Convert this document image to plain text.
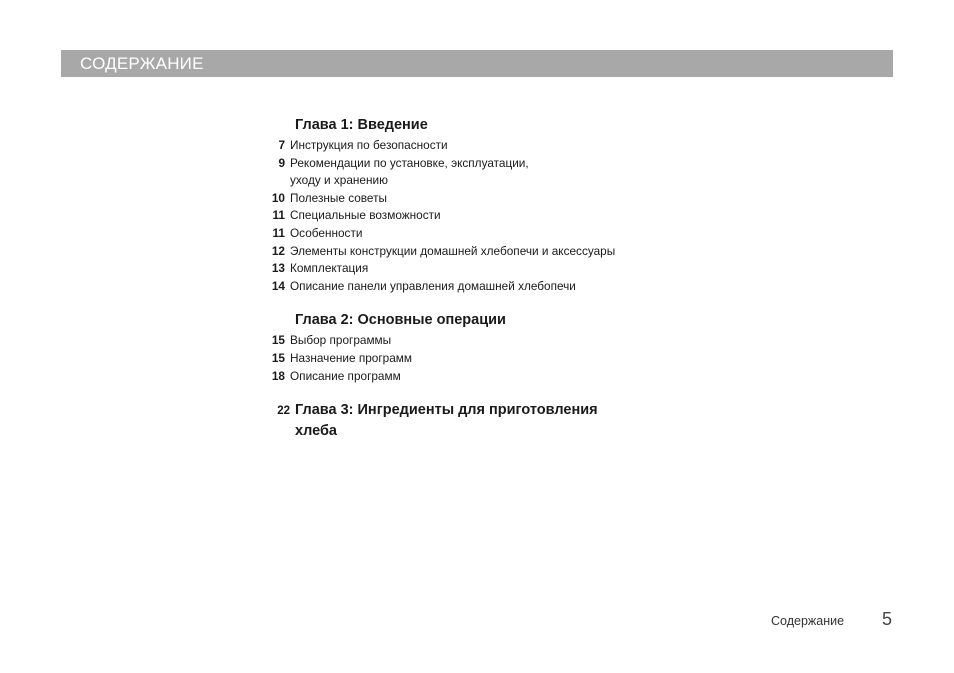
СОДЕРЖАНИЕ
Глава 1: Введение
7 Инструкция по безопасности
9 Рекомендации по установке, эксплуатации,
уходу и хранению
10 Полезные советы
11 Специальные возможности
11 Особенности
12 Элементы конструкции домашней хлебопечи и аксессуары
13 Комплектация
14 Описание панели управления домашней хлебопечи
Глава 2: Основные операции
15 Выбор программы
15 Назначение программ
18 Описание программ
22 Глава 3: Ингредиенты для приготовления
хлеба
Содержание 5
